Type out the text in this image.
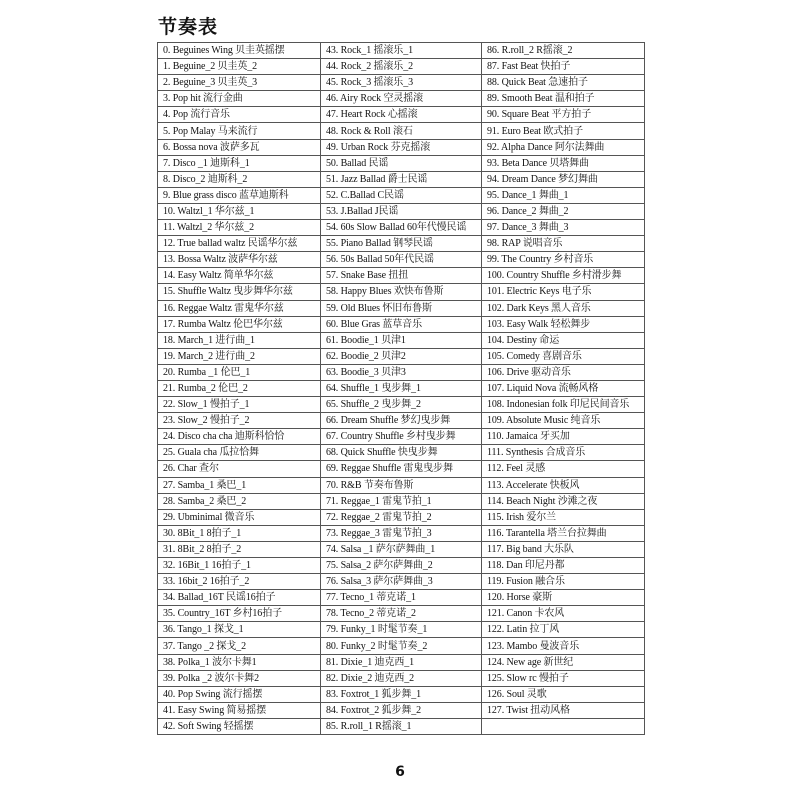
节奏表
0. Beguines Wing 贝圭英摇摆	43. Rock_1 摇滚乐_1	86. R.roll_2 R摇滚_2
1. Beguine_2 贝圭英_2	44. Rock_2 摇滚乐_2	87. Fast Beat 快拍子
2. Beguine_3 贝圭英_3	45. Rock_3 摇滚乐_3	88. Quick Beat 急速拍子
3. Pop hit 流行金曲	46. Airy Rock 空灵摇滚	89. Smooth Beat 温和拍子
4. Pop 流行音乐	47. Heart Rock 心摇滚	90. Square Beat 平方拍子
5. Pop Malay 马来流行	48. Rock & Roll 滚石	91. Euro Beat 欧式拍子
6. Bossa nova 波萨多瓦	49. Urban Rock 芬克摇滚	92. Alpha Dance 阿尔法舞曲
7. Disco _1 迪斯科_1	50. Ballad 民谣	93. Beta Dance 贝塔舞曲
8. Disco_2 迪斯科_2	51. Jazz Ballad 爵士民谣	94. Dream Dance 梦幻舞曲
9. Blue grass disco 蓝草迪斯科	52. C.Ballad C民谣	95. Dance_1 舞曲_1
10. Waltzl_1 华尔兹_1	53. J.Ballad J民谣	96. Dance_2 舞曲_2
11. Waltzl_2 华尔兹_2	54. 60s Slow Ballad 60年代慢民谣	97. Dance_3 舞曲_3
12. True ballad waltz 民谣华尔兹	55. Piano Ballad 钢琴民谣	98. RAP 说唱音乐
13. Bossa Waltz 波萨华尔兹	56. 50s Ballad 50年代民谣	99. The Country 乡村音乐
14. Easy Waltz 简单华尔兹	57. Snake Base 扭扭	100. Country Shuffle 乡村滑步舞
15. Shuffle Waltz 曳步舞华尔兹	58. Happy Blues 欢快布鲁斯	101. Electric Keys 电子乐
16. Reggae Waltz 雷鬼华尔兹	59. Old Blues 怀旧布鲁斯	102. Dark Keys 黑人音乐
17. Rumba Waltz 伦巴华尔兹	60. Blue Gras 蓝草音乐	103. Easy Walk 轻松舞步
18. March_1 进行曲_1	61. Boodie_1 贝津1	104. Destiny 命运
19. March_2 进行曲_2	62. Boodie_2 贝津2	105. Comedy 喜剧音乐
20. Rumba _1 伦巴_1	63. Boodie_3 贝津3	106. Drive 驱动音乐
21. Rumba_2 伦巴_2	64. Shuffle_1 曳步舞_1	107. Liquid Nova 流畅风格
22. Slow_1 慢拍子_1	65. Shuffle_2 曳步舞_2	108. Indonesian folk 印尼民间音乐
23. Slow_2 慢拍子_2	66. Dream Shuffle 梦幻曳步舞	109. Absolute Music 纯音乐
24. Disco cha cha 迪斯科恰恰	67. Country Shuffle 乡村曳步舞	110. Jamaica 牙买加
25. Guala cha 瓜拉恰舞	68. Quick Shuffle 快曳步舞	111. Synthesis 合成音乐
26. Char 查尔	69. Reggae Shuffle 雷鬼曳步舞	112. Feel 灵感
27. Samba_1 桑巴_1	70. R&B 节奏布鲁斯	113. Accelerate 快板风
28. Samba_2 桑巴_2	71. Reggae_1 雷鬼节拍_1	114. Beach Night 沙滩之夜
29. Ubminimal 微音乐	72. Reggae_2 雷鬼节拍_2	115. Irish 爱尔兰
30. 8Bit_1 8拍子_1	73. Reggae_3 雷鬼节拍_3	116. Tarantella 塔兰台拉舞曲
31. 8Bit_2 8拍子_2	74. Salsa _1 萨尔萨舞曲_1	117. Big band 大乐队
32. 16Bit_1 16拍子_1	75. Salsa_2 萨尔萨舞曲_2	118. Dan 印尼丹都
33. 16bit_2 16拍子_2	76. Salsa_3 萨尔萨舞曲_3	119. Fusion 融合乐
34. Ballad_16T 民谣16拍子	77. Tecno_1 蒂克诺_1	120. Horse 豪斯
35. Country_16T 乡村16拍子	78. Tecno_2 蒂克诺_2	121. Canon 卡农风
36. Tango_1 探戈_1	79. Funky_1 时髦节奏_1	122. Latin 拉丁风
37. Tango _2 探戈_2	80. Funky_2 时髦节奏_2	123. Mambo 曼波音乐
38. Polka_1 波尔卡舞1	81. Dixie_1 迪克西_1	124. New age 新世纪
39. Polka _2 波尔卡舞2	82. Dixie_2 迪克西_2	125. Slow rc 慢拍子
40. Pop Swing 流行摇摆	83. Foxtrot_1 狐步舞_1	126. Soul 灵歌
41. Easy Swing 简易摇摆	84. Foxtrot_2 狐步舞_2	127. Twist 扭动风格
42. Soft Swing 轻摇摆	85. R.roll_1 R摇滚_1	
6
